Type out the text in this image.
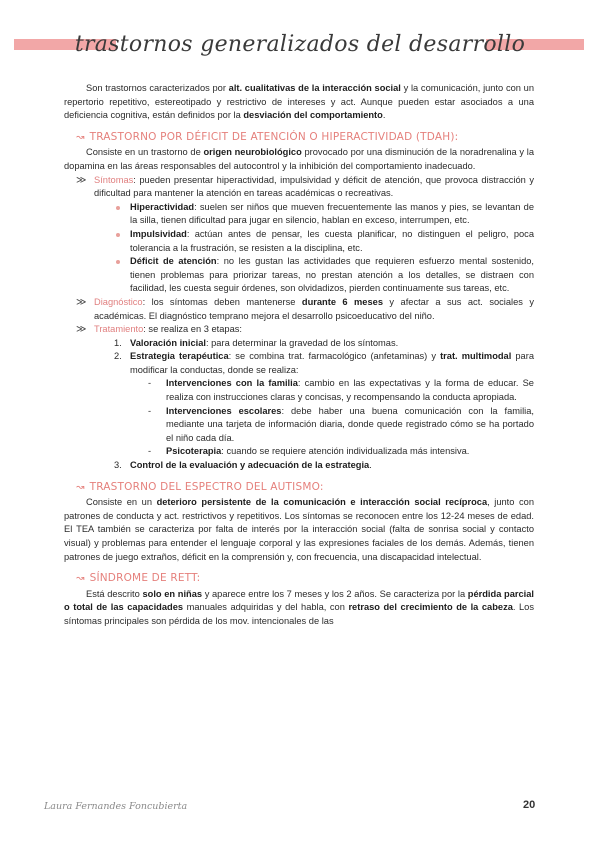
trastornos generalizados del desarrollo

Son trastornos caracterizados por alt. cualitativas de la interacción social y la comunicación, junto con un repertorio repetitivo, estereotipado y restrictivo de intereses y act. Aunque pueden estar asociados a una deficiencia cognitiva, están definidos por la desviación del comportamiento.

↝ TRASTORNO POR DÉFICIT DE ATENCIÓN O HIPERACTIVIDAD (TDAH):

Consiste en un trastorno de origen neurobiológico provocado por una disminución de la noradrenalina y la dopamina en las áreas responsables del autocontrol y la inhibición del comportamiento inadecuado.

≫ Síntomas: pueden presentar hiperactividad, impulsividad y déficit de atención, que provoca distracción y dificultad para mantener la atención en tareas académicas o recreativas.
Hiperactividad: suelen ser niños que mueven frecuentemente las manos y pies, se levantan de la silla, tienen dificultad para jugar en silencio, hablan en exceso, interrumpen, etc.
Impulsividad: actúan antes de pensar, les cuesta planificar, no distinguen el peligro, poca tolerancia a la frustración, se resisten a la disciplina, etc.
Déficit de atención: no les gustan las actividades que requieren esfuerzo mental sostenido, tienen problemas para priorizar tareas, no prestan atención a los detalles, se distraen con facilidad, les cuesta seguir órdenes, son olvidadizos, pierden continuamente sus tareas, etc.
≫ Diagnóstico: los síntomas deben mantenerse durante 6 meses y afectar a sus act. sociales y académicas. El diagnóstico temprano mejora el desarrollo psicoeducativo del niño.
≫ Tratamiento: se realiza en 3 etapas:
1. Valoración inicial: para determinar la gravedad de los síntomas.
2. Estrategia terapéutica: se combina trat. farmacológico (anfetaminas) y trat. multimodal para modificar la conductas, donde se realiza:
- Intervenciones con la familia: cambio en las expectativas y la forma de educar. Se realiza con instrucciones claras y concisas, y recompensando la conducta apropiada.
- Intervenciones escolares: debe haber una buena comunicación con la familia, mediante una tarjeta de información diaria, donde quede registrado cómo se ha portado el niño cada día.
- Psicoterapia: cuando se requiere atención individualizada más intensiva.
3. Control de la evaluación y adecuación de la estrategia.
↝ TRASTORNO DEL ESPECTRO DEL AUTISMO:

Consiste en un deterioro persistente de la comunicación e interacción social recíproca, junto con patrones de conducta y act. restrictivos y repetitivos. Los síntomas se reconocen entre los 12-24 meses de edad. El TEA también se caracteriza por falta de interés por la interacción social (falta de sonrisa social y contacto visual) y problemas para entender el lenguaje corporal y las expresiones faciales de los demás. Además, tienen patrones de juego extraños, déficit en la comprensión y, con frecuencia, una discapacidad intelectual.

↝ SÍNDROME DE RETT:

Está descrito solo en niñas y aparece entre los 7 meses y los 2 años. Se caracteriza por la pérdida parcial o total de las capacidades manuales adquiridas y del habla, con retraso del crecimiento de la cabeza. Los síntomas principales son pérdida de los mov. intencionales de las

Laura Fernandes Foncubierta	20
